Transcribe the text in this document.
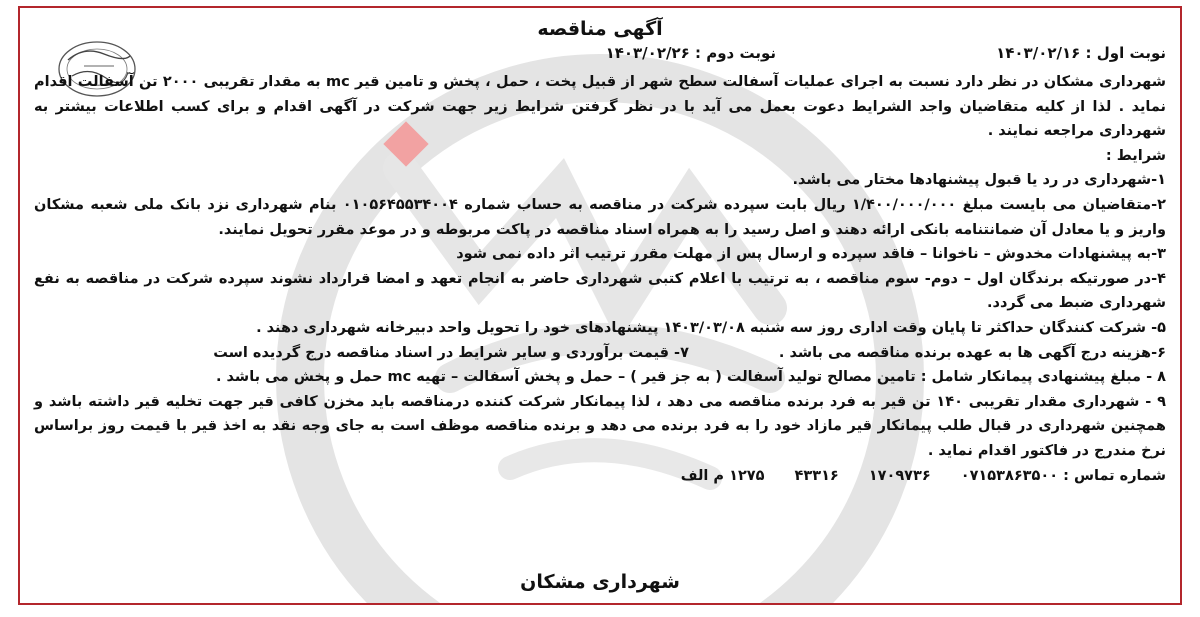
آگهی مناقصه
نوبت اول : ۱۴۰۳/۰۲/۱۶
نوبت دوم : ۱۴۰۳/۰۲/۲۶

شهرداری مشکان در نظر دارد نسبت به اجرای عملیات آسفالت سطح شهر از قبیل پخت ، حمل ، پخش و تامین قیر mc به مقدار تقریبی ۲۰۰۰ تن آسفالت اقدام نماید . لذا از کلیه متقاضیان واجد الشرایط دعوت بعمل می آید با در نظر گرفتن شرایط زیر جهت شرکت در آگهی اقدام و برای کسب اطلاعات بیشتر به شهرداری مراجعه نمایند .

شرایط :

۱-شهرداری در رد یا قبول پیشنهادها مختار می باشد.

۲-متقاضیان می بایست مبلغ ۱/۴۰۰/۰۰۰/۰۰۰ ریال بابت سپرده شرکت در مناقصه به حساب شماره ۰۱۰۵۶۴۵۵۳۴۰۰۴ بنام شهرداری نزد بانک ملی شعبه مشکان واریز و یا معادل آن ضمانتنامه بانکی ارائه دهند و اصل رسید را به همراه اسناد مناقصه در پاکت مربوطه و در موعد مقرر تحویل نمایند.

۳-به پیشنهادات مخدوش – ناخوانا – فاقد سپرده و ارسال پس از مهلت مقرر ترتیب اثر داده نمی شود

۴-در صورتیکه برندگان اول – دوم- سوم مناقصه ، به ترتیب با اعلام کتبی شهرداری حاضر به انجام تعهد و امضا قرارداد نشوند سپرده شرکت در مناقصه به نفع شهرداری ضبط می گردد.

۵- شرکت کنندگان حداکثر تا پایان وقت اداری روز سه شنبه ۱۴۰۳/۰۳/۰۸ پیشنهادهای خود را تحویل واحد دبیرخانه شهرداری دهند .

۶-هزینه درج آگهی ها به عهده برنده مناقصه می باشد .
۷- قیمت برآوردی و سایر شرایط در اسناد مناقصه درج گردیده است

۸ - مبلغ پیشنهادی پیمانکار شامل : تامین مصالح تولید آسفالت ( به جز قیر ) – حمل و پخش آسفالت – تهیه mc حمل و پخش می باشد .

۹ - شهرداری مقدار تقریبی ۱۴۰ تن قیر به فرد برنده مناقصه می دهد ، لذا پیمانکار شرکت کننده درمناقصه باید مخزن کافی قیر جهت تخلیه قیر داشته باشد و همچنین شهرداری در قبال طلب پیمانکار قیر مازاد خود را به فرد برنده می دهد و برنده مناقصه موظف است به جای وجه نقد به اخذ قیر با قیمت روز براساس نرخ مندرج در فاکتور اقدام نماید .

شماره تماس : ۰۷۱۵۳۸۶۳۵۰۰
۱۷۰۹۷۳۶
۴۳۳۱۶
۱۲۷۵ م الف
شهرداری مشکان
